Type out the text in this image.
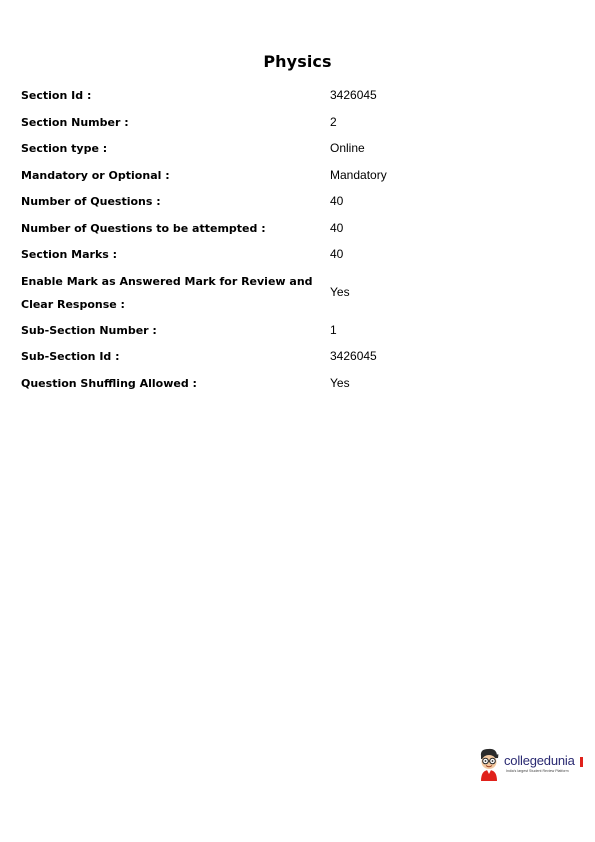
Physics
Section Id :	3426045
Section Number :	2
Section type :	Online
Mandatory or Optional :	Mandatory
Number of Questions :	40
Number of Questions to be attempted :	40
Section Marks :	40
Enable Mark as Answered Mark for Review and Clear Response :	Yes
Sub-Section Number :	1
Sub-Section Id :	3426045
Question Shuffling Allowed :	Yes
collegedunia
India's largest Student Review Platform
